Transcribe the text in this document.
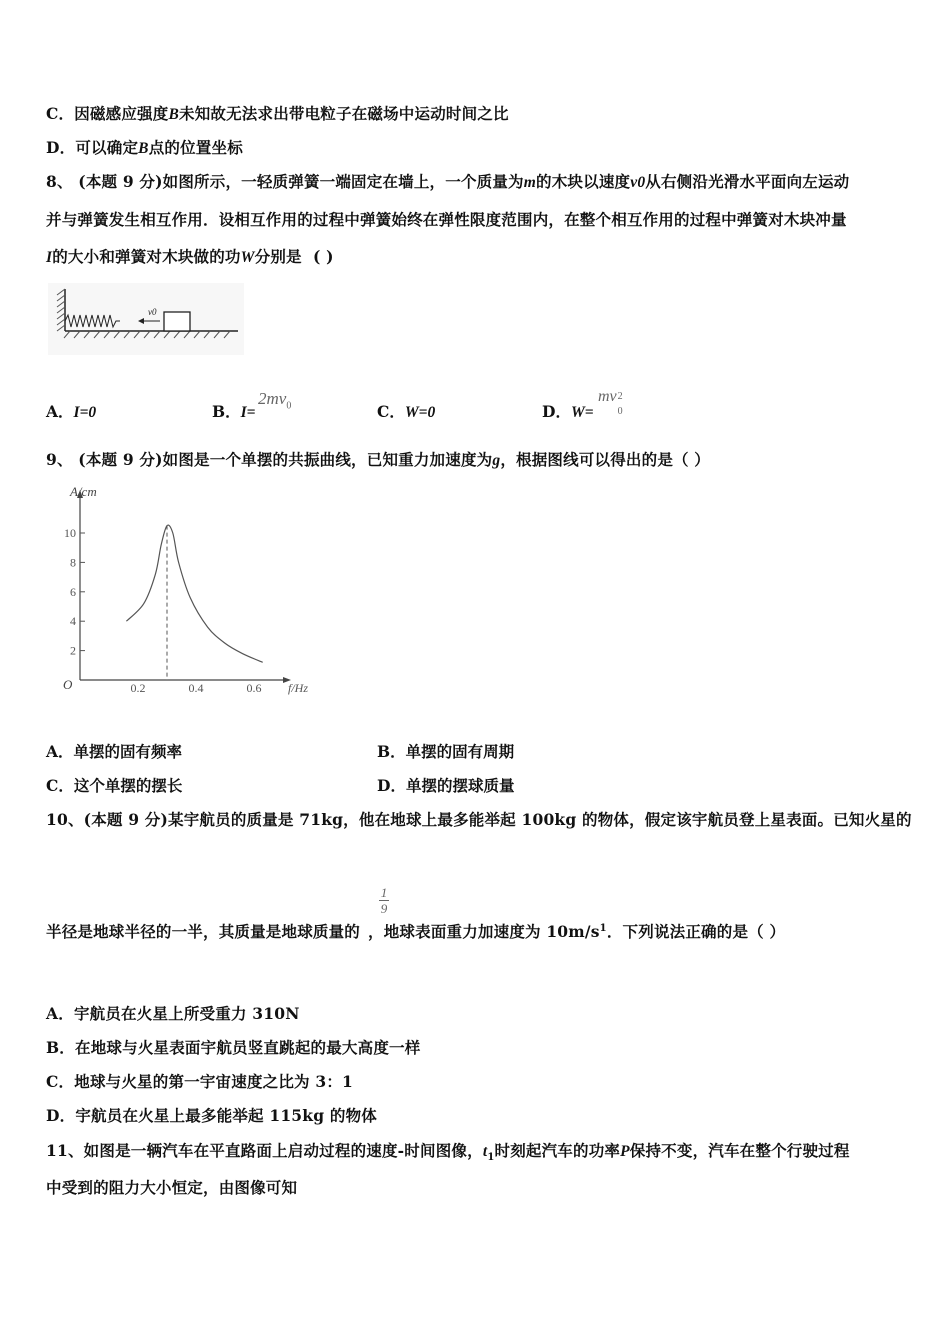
C．因磁感应强度B未知故无法求出带电粒子在磁场中运动时间之比
D．可以确定B点的位置坐标
8、 (本题 9 分)如图所示，一轻质弹簧一端固定在墙上，一个质量为m的木块以速度v0从右侧沿光滑水平面向左运动
并与弹簧发生相互作用．设相互作用的过程中弹簧始终在弹性限度范围内，在整个相互作用的过程中弹簧对木块冲量
I的大小和弹簧对木块做的功W分别是 ( )
v0
A．I=0	B．I=
$2mv_0$	C．W=0	D．W=
mv 2
0
9、 (本题 9 分)如图是一个单摆的共振曲线，已知重力加速度为g，根据图线可以得出的是（ ）
A/cm
f/Hz
O
2
4
6
8
10
0.2	0.4	0.6
A．单摆的固有频率	B．单摆的固有周期
C．这个单摆的摆长	D．单摆的摆球质量
10、(本题 9 分)某宇航员的质量是 71kg，他在地球上最多能举起 100kg 的物体，假定该宇航员登上星表面。已知火星的
1
9
半径是地球半径的一半，其质量是地球质量的 ，地球表面重力加速度为 $10m/s^1$．下列说法正确的是（ ）
A．宇航员在火星上所受重力 310N
B．在地球与火星表面宇航员竖直跳起的最大高度一样
C．地球与火星的第一宇宙速度之比为 3：1
D．宇航员在火星上最多能举起 115kg 的物体
11、如图是一辆汽车在平直路面上启动过程的速度-时间图像，$t_1$时刻起汽车的功率P保持不变，汽车在整个行驶过程
中受到的阻力大小恒定，由图像可知
